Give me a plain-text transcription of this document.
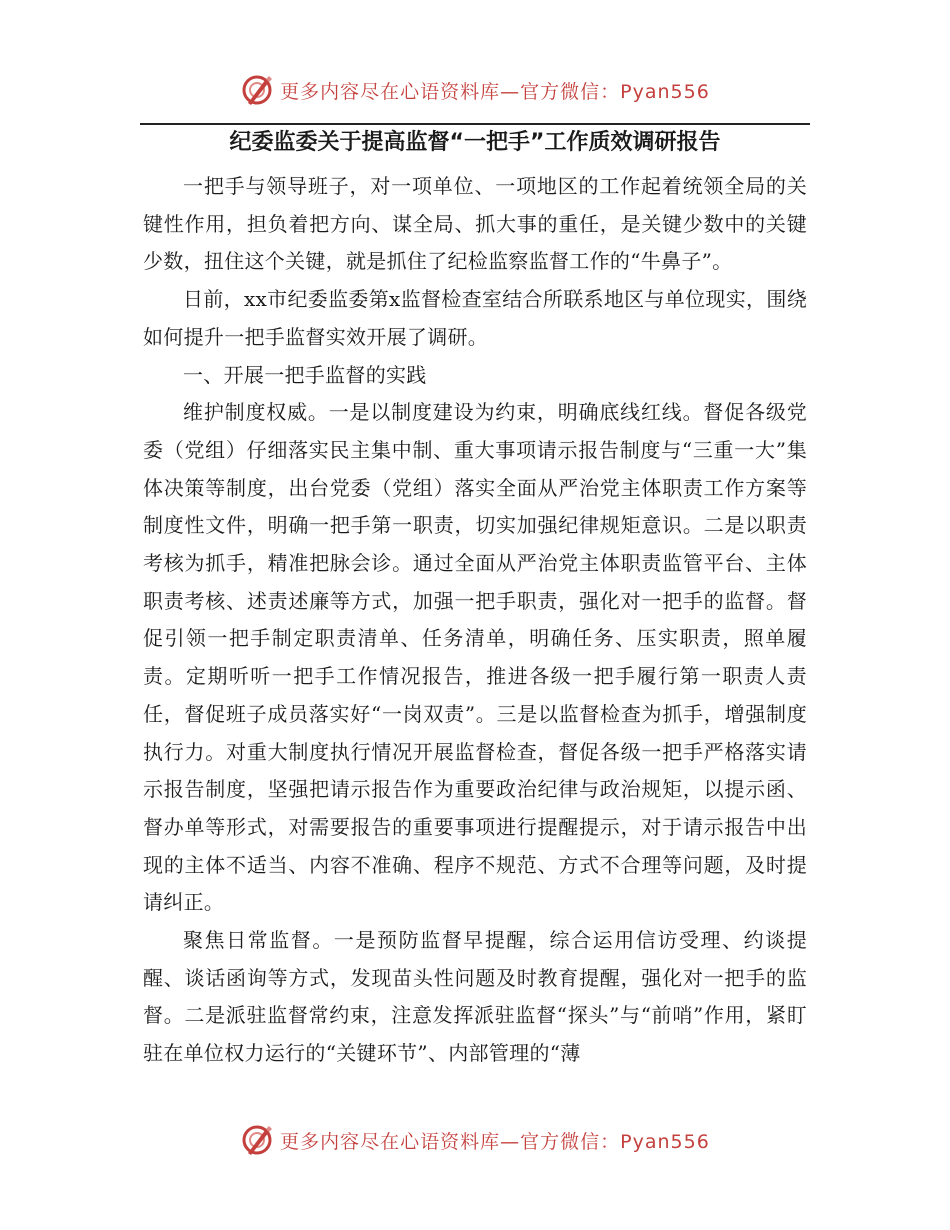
更多内容尽在心语资料库—官方微信：Pyan556
纪委监委关于提高监督“一把手”工作质效调研报告

一把手与领导班子，对一项单位、一项地区的工作起着统领全局的关键性作用，担负着把方向、谋全局、抓大事的重任，是关键少数中的关键少数，扭住这个关键，就是抓住了纪检监察监督工作的“牛鼻子”。

日前，xx市纪委监委第x监督检查室结合所联系地区与单位现实，围绕如何提升一把手监督实效开展了调研。

一、开展一把手监督的实践

维护制度权威。一是以制度建设为约束，明确底线红线。督促各级党委（党组）仔细落实民主集中制、重大事项请示报告制度与“三重一大”集体决策等制度，出台党委（党组）落实全面从严治党主体职责工作方案等制度性文件，明确一把手第一职责，切实加强纪律规矩意识。二是以职责考核为抓手，精准把脉会诊。通过全面从严治党主体职责监管平台、主体职责考核、述责述廉等方式，加强一把手职责，强化对一把手的监督。督促引领一把手制定职责清单、任务清单，明确任务、压实职责，照单履责。定期听听一把手工作情况报告，推进各级一把手履行第一职责人责任，督促班子成员落实好“一岗双责”。三是以监督检查为抓手，增强制度执行力。对重大制度执行情况开展监督检查，督促各级一把手严格落实请示报告制度，坚强把请示报告作为重要政治纪律与政治规矩，以提示函、督办单等形式，对需要报告的重要事项进行提醒提示，对于请示报告中出现的主体不适当、内容不准确、程序不规范、方式不合理等问题，及时提请纠正。

聚焦日常监督。一是预防监督早提醒，综合运用信访受理、约谈提醒、谈话函询等方式，发现苗头性问题及时教育提醒，强化对一把手的监督。二是派驻监督常约束，注意发挥派驻监督“探头”与“前哨”作用，紧盯驻在单位权力运行的“关键环节”、内部管理的“薄

更多内容尽在心语资料库—官方微信：Pyan556
